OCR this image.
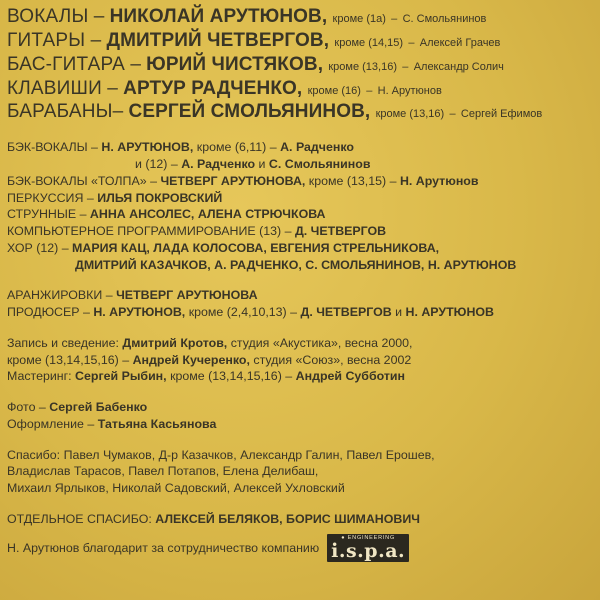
ВОКАЛЫ – НИКОЛАЙ АРУТЮНОВ, кроме (1а) – С. Смольянинов
ГИТАРЫ – ДМИТРИЙ ЧЕТВЕРГОВ, кроме (14,15) – Алексей Грачев
БАС-ГИТАРА – ЮРИЙ ЧИСТЯКОВ, кроме (13,16) – Александр Солич
КЛАВИШИ – АРТУР РАДЧЕНКО, кроме (16) – Н. Арутюнов
БАРАБАНЫ– СЕРГЕЙ СМОЛЬЯНИНОВ, кроме (13,16) – Сергей Ефимов
БЭК-ВОКАЛЫ – Н. АРУТЮНОВ, кроме (6,11) – А. Радченко
и (12) – А. Радченко и С. Смольянинов
БЭК-ВОКАЛЫ «ТОЛПА» – ЧЕТВЕРГ АРУТЮНОВА, кроме (13,15) – Н. Арутюнов
ПЕРКУССИЯ – ИЛЬЯ ПОКРОВСКИЙ
СТРУННЫЕ – АННА АНСОЛЕС, АЛЕНА СТРЮЧКОВА
КОМПЬЮТЕРНОЕ ПРОГРАММИРОВАНИЕ (13) – Д. ЧЕТВЕРГОВ
ХОР (12) – МАРИЯ КАЦ, ЛАДА КОЛОСОВА, ЕВГЕНИЯ СТРЕЛЬНИКОВА,
ДМИТРИЙ КАЗАЧКОВ, А. РАДЧЕНКО, С. СМОЛЬЯНИНОВ, Н. АРУТЮНОВ
АРАНЖИРОВКИ – ЧЕТВЕРГ АРУТЮНОВА
ПРОДЮСЕР – Н. АРУТЮНОВ, кроме (2,4,10,13) – Д. ЧЕТВЕРГОВ и Н. АРУТЮНОВ
Запись и сведение: Дмитрий Кротов, студия «Акустика», весна 2000,
кроме (13,14,15,16) – Андрей Кучеренко, студия «Союз», весна 2002
Мастеринг: Сергей Рыбин, кроме (13,14,15,16) – Андрей Субботин
Фото – Сергей Бабенко
Оформление – Татьяна Касьянова
Спасибо: Павел Чумаков, Д-р Казачков, Александр Галин, Павел Ерошев,
Владислав Тарасов, Павел Потапов, Елена Делибаш,
Михаил Ярлыков, Николай Садовский, Алексей Ухловский
ОТДЕЛЬНОЕ СПАСИБО: АЛЕКСЕЙ БЕЛЯКОВ, БОРИС ШИМАНОВИЧ
Н. Арутюнов благодарит за сотрудничество компанию
● ENGINEERING
i.s.p.a.
